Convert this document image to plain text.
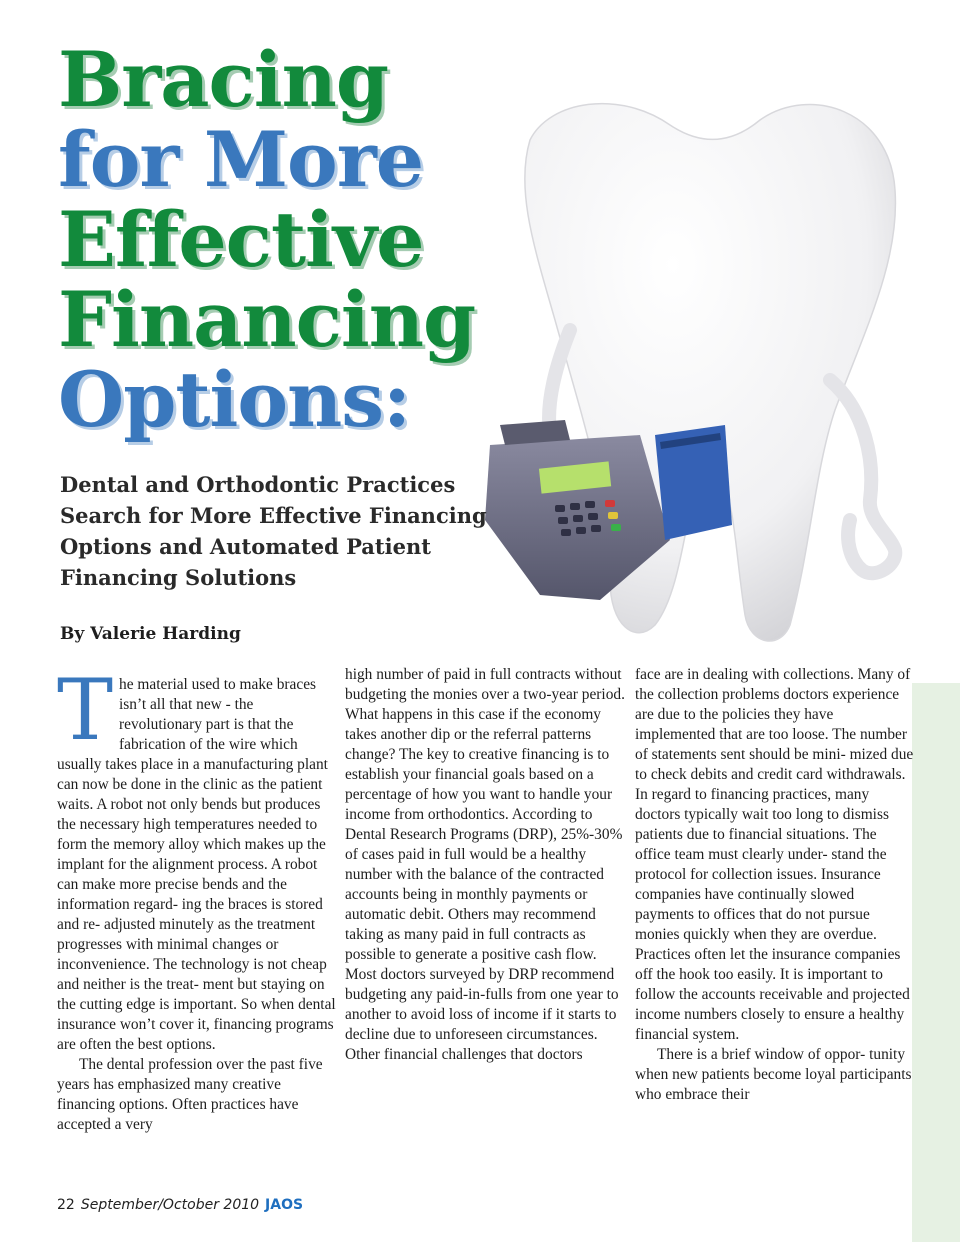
Bracing
for More
Effective
Financing
Options:
Dental and Orthodontic Practices Search for More Effective Financing Options and Automated Patient Financing Solutions
By Valerie Harding

The material used to make braces isn’t all that new - the revolutionary part is that the fabrication of the wire which usually takes place in a manufacturing plant can now be done in the clinic as the patient waits. A robot not only bends but produces the necessary high temperatures needed to form the memory alloy which makes up the implant for the alignment process. A robot can make more precise bends and the information regard- ing the braces is stored and re- adjusted minutely as the treatment progresses with minimal changes or inconvenience. The technology is not cheap and neither is the treat- ment but staying on the cutting edge is important. So when dental insurance won’t cover it, financing programs are often the best options.

The dental profession over the past five years has emphasized many creative financing options. Often practices have accepted a very

high number of paid in full contracts without budgeting the monies over a two-year period. What happens in this case if the economy takes another dip or the referral patterns change? The key to creative financing is to establish your financial goals based on a percentage of how you want to handle your income from orthodontics. According to Dental Research Programs (DRP), 25%-30% of cases paid in full would be a healthy number with the balance of the contracted accounts being in monthly payments or automatic debit. Others may recommend taking as many paid in full contracts as possible to generate a positive cash flow. Most doctors surveyed by DRP recommend budgeting any paid-in-fulls from one year to another to avoid loss of income if it starts to decline due to unforeseen circumstances. Other financial challenges that doctors

face are in dealing with collections. Many of the collection problems doctors experience are due to the policies they have implemented that are too loose. The number of statements sent should be mini- mized due to check debits and credit card withdrawals. In regard to financing practices, many doctors typically wait too long to dismiss patients due to financial situations. The office team must clearly under- stand the protocol for collection issues. Insurance companies have continually slowed payments to offices that do not pursue monies quickly when they are overdue. Practices often let the insurance companies off the hook too easily. It is important to follow the accounts receivable and projected income numbers closely to ensure a healthy financial system.

There is a brief window of oppor- tunity when new patients become loyal participants who embrace their

22 September/October 2010 JAOS
